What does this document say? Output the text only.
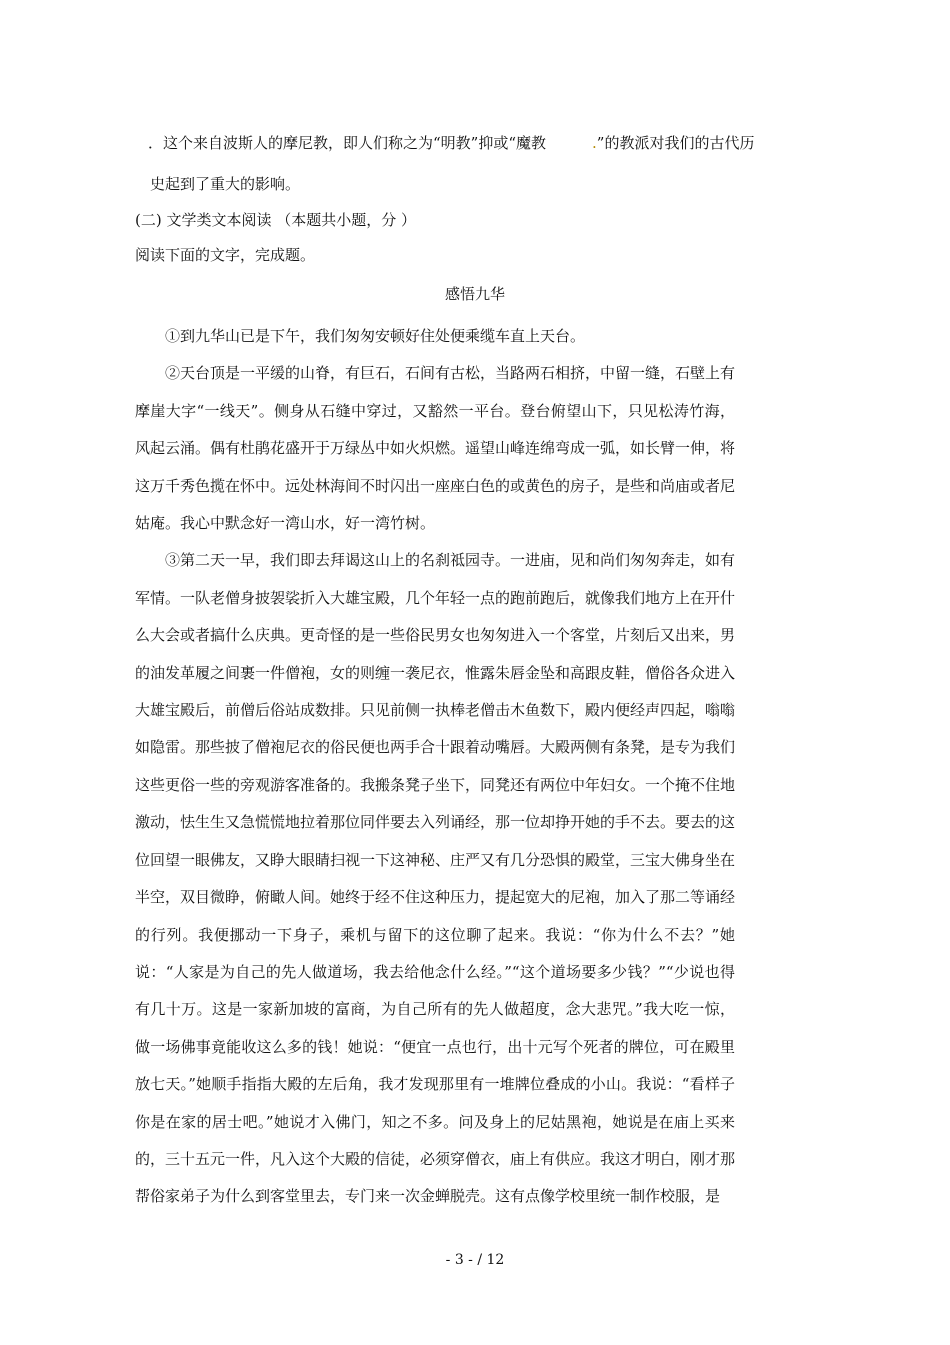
．这个来自波斯人的摩尼教，即人们称之为“明教”抑或“魔教	.”的教派对我们的古代历
史起到了重大的影响。
(二) 文学类文本阅读 （本题共小题，分 ）
阅读下面的文字，完成题。
感悟九华

①到九华山已是下午，我们匆匆安顿好住处便乘缆车直上天台。

②天台顶是一平缓的山脊，有巨石，石间有古松，当路两石相挤，中留一缝，石壁上有摩崖大字“一线天”。侧身从石缝中穿过，又豁然一平台。登台俯望山下，只见松涛竹海，风起云涌。偶有杜鹃花盛开于万绿丛中如火炽燃。遥望山峰连绵弯成一弧，如长臂一伸，将这万千秀色揽在怀中。远处林海间不时闪出一座座白色的或黄色的房子，是些和尚庙或者尼姑庵。我心中默念好一湾山水，好一湾竹树。

③第二天一早，我们即去拜谒这山上的名刹祗园寺。一进庙，见和尚们匆匆奔走，如有军情。一队老僧身披袈裟折入大雄宝殿，几个年轻一点的跑前跑后，就像我们地方上在开什么大会或者搞什么庆典。更奇怪的是一些俗民男女也匆匆进入一个客堂，片刻后又出来，男的油发革履之间裹一件僧袍，女的则缠一袭尼衣，惟露朱唇金坠和高跟皮鞋，僧俗各众进入大雄宝殿后，前僧后俗站成数排。只见前侧一执棒老僧击木鱼数下，殿内便经声四起，嗡嗡如隐雷。那些披了僧袍尼衣的俗民便也两手合十跟着动嘴唇。大殿两侧有条凳，是专为我们这些更俗一些的旁观游客准备的。我搬条凳子坐下，同凳还有两位中年妇女。一个掩不住地激动，怯生生又急慌慌地拉着那位同伴要去入列诵经，那一位却挣开她的手不去。要去的这位回望一眼佛友，又睁大眼睛扫视一下这神秘、庄严又有几分恐惧的殿堂，三宝大佛身坐在半空，双目微睁，俯瞰人间。她终于经不住这种压力，提起宽大的尼袍，加入了那二等诵经的行列。我便挪动一下身子，乘机与留下的这位聊了起来。我说：“你为什么不去？”她说：“人家是为自己的先人做道场，我去给他念什么经。”“这个道场要多少钱？”“少说也得有几十万。这是一家新加坡的富商，为自己所有的先人做超度，念大悲咒。”我大吃一惊，做一场佛事竟能收这么多的钱！她说：“便宜一点也行，出十元写个死者的牌位，可在殿里放七天。”她顺手指指大殿的左后角，我才发现那里有一堆牌位叠成的小山。我说：“看样子你是在家的居士吧。”她说才入佛门，知之不多。问及身上的尼姑黑袍，她说是在庙上买来的，三十五元一件，凡入这个大殿的信徒，必须穿僧衣，庙上有供应。我这才明白，刚才那帮俗家弟子为什么到客堂里去，专门来一次金蝉脱壳。这有点像学校里统一制作校服，是

- 3 - / 12
